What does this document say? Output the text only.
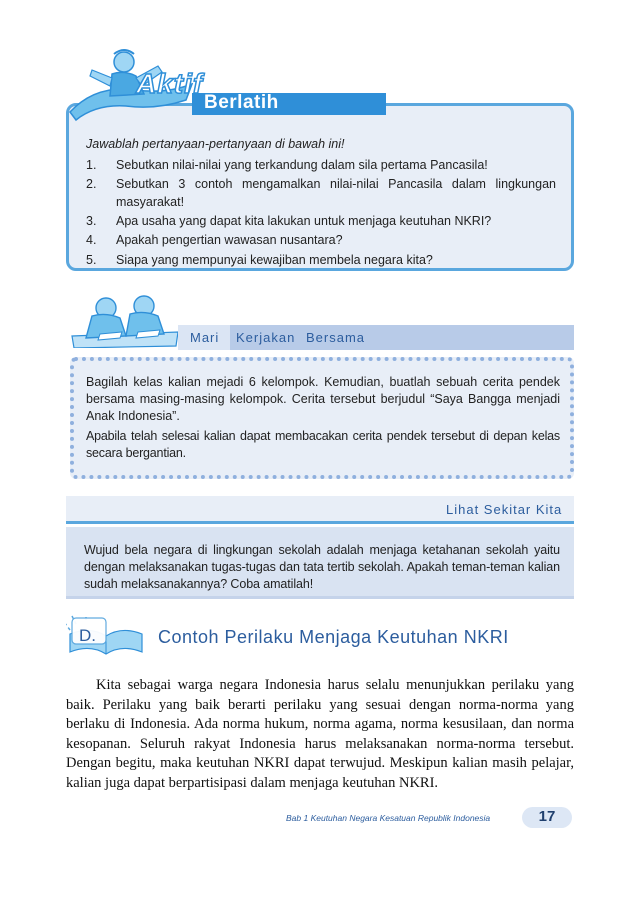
Aktif
Berlatih
Jawablah pertanyaan-pertanyaan di bawah ini!
1. Sebutkan nilai-nilai yang terkandung dalam sila pertama Pancasila!
2. Sebutkan 3 contoh mengamalkan nilai-nilai Pancasila dalam lingkungan masyarakat!
3. Apa usaha yang dapat kita lakukan untuk menjaga keutuhan NKRI?
4. Apakah pengertian wawasan nusantara?
5. Siapa yang mempunyai kewajiban membela negara kita?
Mari Kerjakan Bersama
Bagilah kelas kalian mejadi 6 kelompok. Kemudian, buatlah sebuah cerita pendek bersama masing-masing kelompok. Cerita tersebut berjudul “Saya Bangga menjadi Anak Indonesia”.
Apabila telah selesai kalian dapat membacakan cerita pendek tersebut di depan kelas secara bergantian.
Lihat Sekitar Kita
Wujud bela negara di lingkungan sekolah adalah menjaga ketahanan sekolah yaitu dengan melaksanakan tugas-tugas dan tata tertib sekolah. Apakah teman-teman kalian sudah melaksanakannya? Coba amatilah!
D.	Contoh Perilaku Menjaga Keutuhan NKRI
Kita sebagai warga negara Indonesia harus selalu menunjukkan perilaku yang baik. Perilaku yang baik berarti perilaku yang sesuai dengan norma-norma yang berlaku di Indonesia. Ada norma hukum, norma agama, norma kesusilaan, dan norma kesopanan. Seluruh rakyat Indonesia harus melaksanakan norma-norma tersebut. Dengan begitu, maka keutuhan NKRI dapat terwujud. Meskipun kalian masih pelajar, kalian juga dapat berpartisipasi dalam menjaga keutuhan NKRI.
Bab 1 Keutuhan Negara Kesatuan Republik Indonesia	17
